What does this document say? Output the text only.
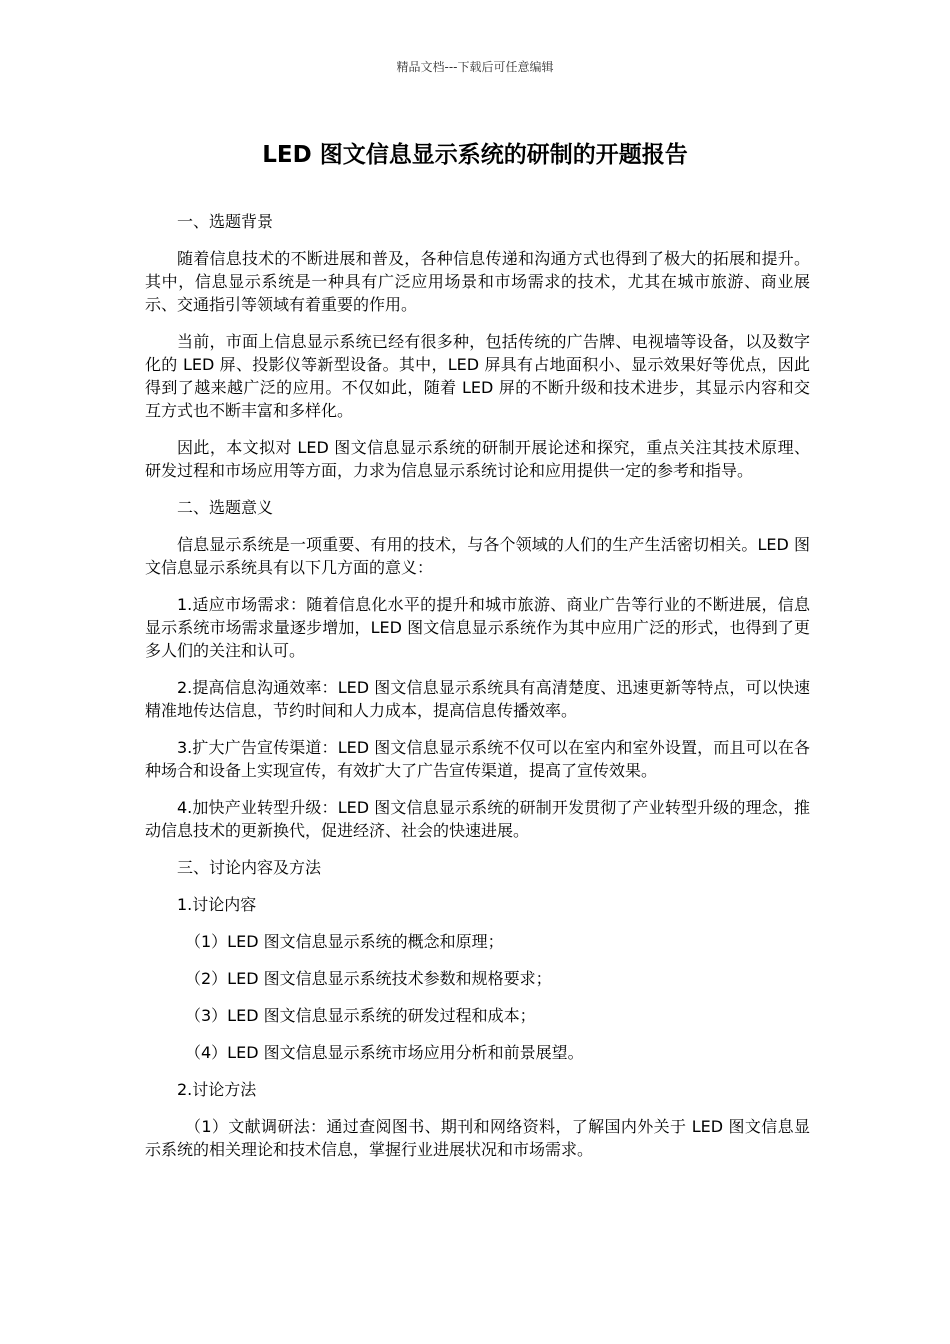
精品文档---下载后可任意编辑
LED 图文信息显示系统的研制的开题报告

一、选题背景

随着信息技术的不断进展和普及，各种信息传递和沟通方式也得到了极大的拓展和提升。其中，信息显示系统是一种具有广泛应用场景和市场需求的技术，尤其在城市旅游、商业展示、交通指引等领域有着重要的作用。

当前，市面上信息显示系统已经有很多种，包括传统的广告牌、电视墙等设备，以及数字化的 LED 屏、投影仪等新型设备。其中，LED 屏具有占地面积小、显示效果好等优点，因此得到了越来越广泛的应用。不仅如此，随着 LED 屏的不断升级和技术进步，其显示内容和交互方式也不断丰富和多样化。

因此，本文拟对 LED 图文信息显示系统的研制开展论述和探究，重点关注其技术原理、研发过程和市场应用等方面，力求为信息显示系统讨论和应用提供一定的参考和指导。

二、选题意义

信息显示系统是一项重要、有用的技术，与各个领域的人们的生产生活密切相关。LED 图文信息显示系统具有以下几方面的意义：

1.适应市场需求：随着信息化水平的提升和城市旅游、商业广告等行业的不断进展，信息显示系统市场需求量逐步增加，LED 图文信息显示系统作为其中应用广泛的形式，也得到了更多人们的关注和认可。

2.提高信息沟通效率：LED 图文信息显示系统具有高清楚度、迅速更新等特点，可以快速精准地传达信息，节约时间和人力成本，提高信息传播效率。

3.扩大广告宣传渠道：LED 图文信息显示系统不仅可以在室内和室外设置，而且可以在各种场合和设备上实现宣传，有效扩大了广告宣传渠道，提高了宣传效果。

4.加快产业转型升级：LED 图文信息显示系统的研制开发贯彻了产业转型升级的理念，推动信息技术的更新换代，促进经济、社会的快速进展。

三、讨论内容及方法

1.讨论内容

（1）LED 图文信息显示系统的概念和原理；

（2）LED 图文信息显示系统技术参数和规格要求；

（3）LED 图文信息显示系统的研发过程和成本；

（4）LED 图文信息显示系统市场应用分析和前景展望。

2.讨论方法

（1）文献调研法：通过查阅图书、期刊和网络资料，了解国内外关于 LED 图文信息显示系统的相关理论和技术信息，掌握行业进展状况和市场需求。
